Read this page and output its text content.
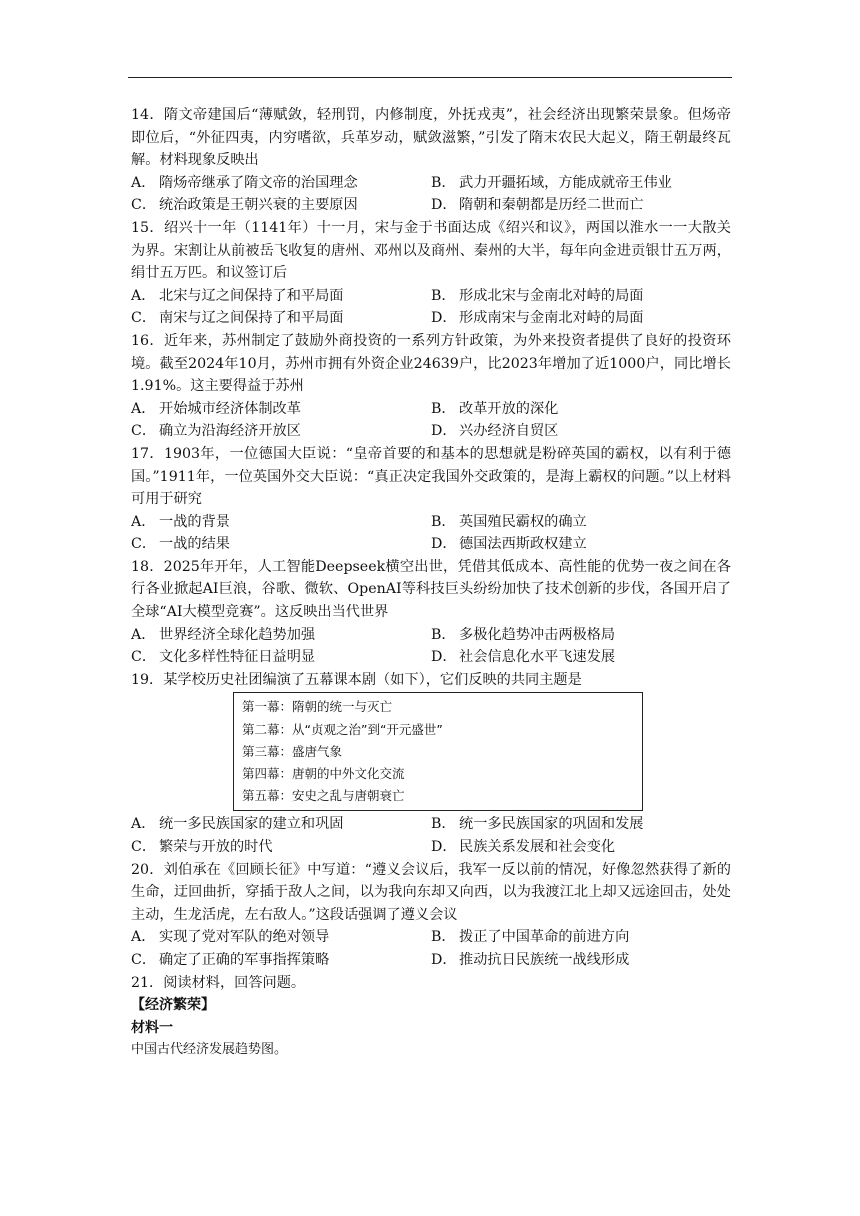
14．隋文帝建国后“薄赋敛，轻刑罚，内修制度，外抚戎夷”，社会经济出现繁荣景象。但炀帝即位后，“外征四夷，内穷嗜欲，兵革岁动，赋敛滋繁，”引发了隋末农民大起义，隋王朝最终瓦解。材料现象反映出

A． 隋炀帝继承了隋文帝的治国理念	B． 武力开疆拓域，方能成就帝王伟业
C． 统治政策是王朝兴衰的主要原因	D． 隋朝和秦朝都是历经二世而亡

15．绍兴十一年（1141年）十一月，宋与金于书面达成《绍兴和议》，两国以淮水一一大散关为界。宋割让从前被岳飞收复的唐州、邓州以及商州、秦州的大半，每年向金进贡银廿五万两，绢廿五万匹。和议签订后

A． 北宋与辽之间保持了和平局面	B． 形成北宋与金南北对峙的局面
C． 南宋与辽之间保持了和平局面	D． 形成南宋与金南北对峙的局面

16．近年来，苏州制定了鼓励外商投资的一系列方针政策，为外来投资者提供了良好的投资环境。截至2024年10月，苏州市拥有外资企业24639户，比2023年增加了近1000户，同比增长1.91%。这主要得益于苏州

A． 开始城市经济体制改革	B． 改革开放的深化
C． 确立为沿海经济开放区	D． 兴办经济自贸区

17．1903年，一位德国大臣说：“皇帝首要的和基本的思想就是粉碎英国的霸权，以有利于德国。”1911年，一位英国外交大臣说：“真正决定我国外交政策的，是海上霸权的问题。”以上材料可用于研究

A． 一战的背景	B． 英国殖民霸权的确立
C． 一战的结果	D． 德国法西斯政权建立

18．2025年开年，人工智能Deepseek横空出世，凭借其低成本、高性能的优势一夜之间在各行各业掀起AI巨浪，谷歌、微软、OpenAI等科技巨头纷纷加快了技术创新的步伐，各国开启了全球“AI大模型竞赛”。这反映出当代世界

A． 世界经济全球化趋势加强	B． 多极化趋势冲击两极格局
C． 文化多样性特征日益明显	D． 社会信息化水平飞速发展

19．某学校历史社团编演了五幕课本剧（如下），它们反映的共同主题是

第一幕：隋朝的统一与灭亡
第二幕：从“贞观之治”到“开元盛世”
第三幕：盛唐气象
第四幕：唐朝的中外文化交流
第五幕：安史之乱与唐朝衰亡
A． 统一多民族国家的建立和巩固	B． 统一多民族国家的巩固和发展
C． 繁荣与开放的时代	D． 民族关系发展和社会变化

20．刘伯承在《回顾长征》中写道：“遵义会议后，我军一反以前的情况，好像忽然获得了新的生命，迂回曲折，穿插于敌人之间，以为我向东却又向西，以为我渡江北上却又远途回击，处处主动，生龙活虎，左右敌人。”这段话强调了遵义会议

A． 实现了党对军队的绝对领导	B． 拨正了中国革命的前进方向
C． 确定了正确的军事指挥策略	D． 推动抗日民族统一战线形成

21．阅读材料，回答问题。

【经济繁荣】

材料一

中国古代经济发展趋势图。
